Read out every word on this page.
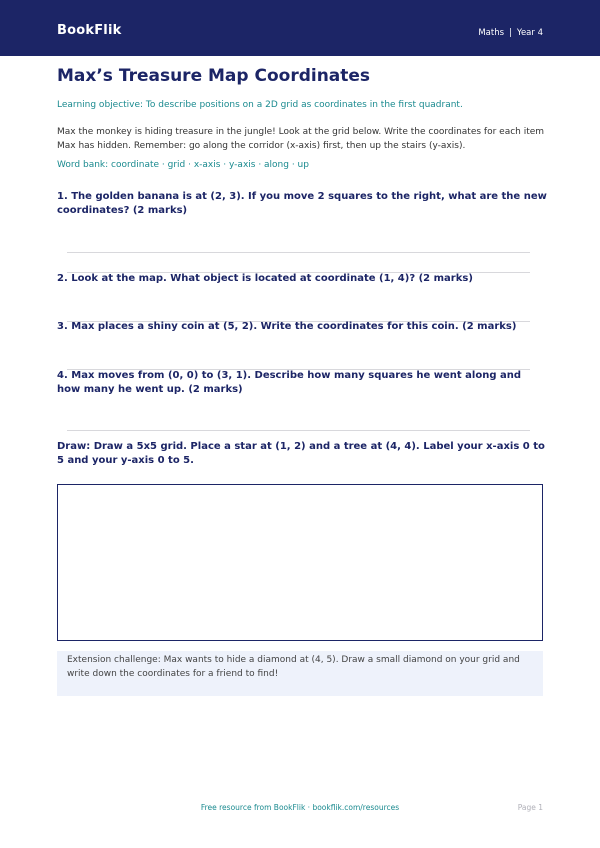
BookFlik	Maths | Year 4
Max’s Treasure Map Coordinates
Learning objective: To describe positions on a 2D grid as coordinates in the first quadrant.
Max the monkey is hiding treasure in the jungle! Look at the grid below. Write the coordinates for each item Max has hidden. Remember: go along the corridor (x-axis) first, then up the stairs (y-axis).
Word bank: coordinate · grid · x-axis · y-axis · along · up
1. The golden banana is at (2, 3). If you move 2 squares to the right, what are the new coordinates? (2 marks)
2. Look at the map. What object is located at coordinate (1, 4)? (2 marks)
3. Max places a shiny coin at (5, 2). Write the coordinates for this coin. (2 marks)
4. Max moves from (0, 0) to (3, 1). Describe how many squares he went along and how many he went up. (2 marks)
Draw: Draw a 5x5 grid. Place a star at (1, 2) and a tree at (4, 4). Label your x-axis 0 to 5 and your y-axis 0 to 5.
Extension challenge: Max wants to hide a diamond at (4, 5). Draw a small diamond on your grid and write down the coordinates for a friend to find!
Free resource from BookFlik · bookflik.com/resources	Page 1
